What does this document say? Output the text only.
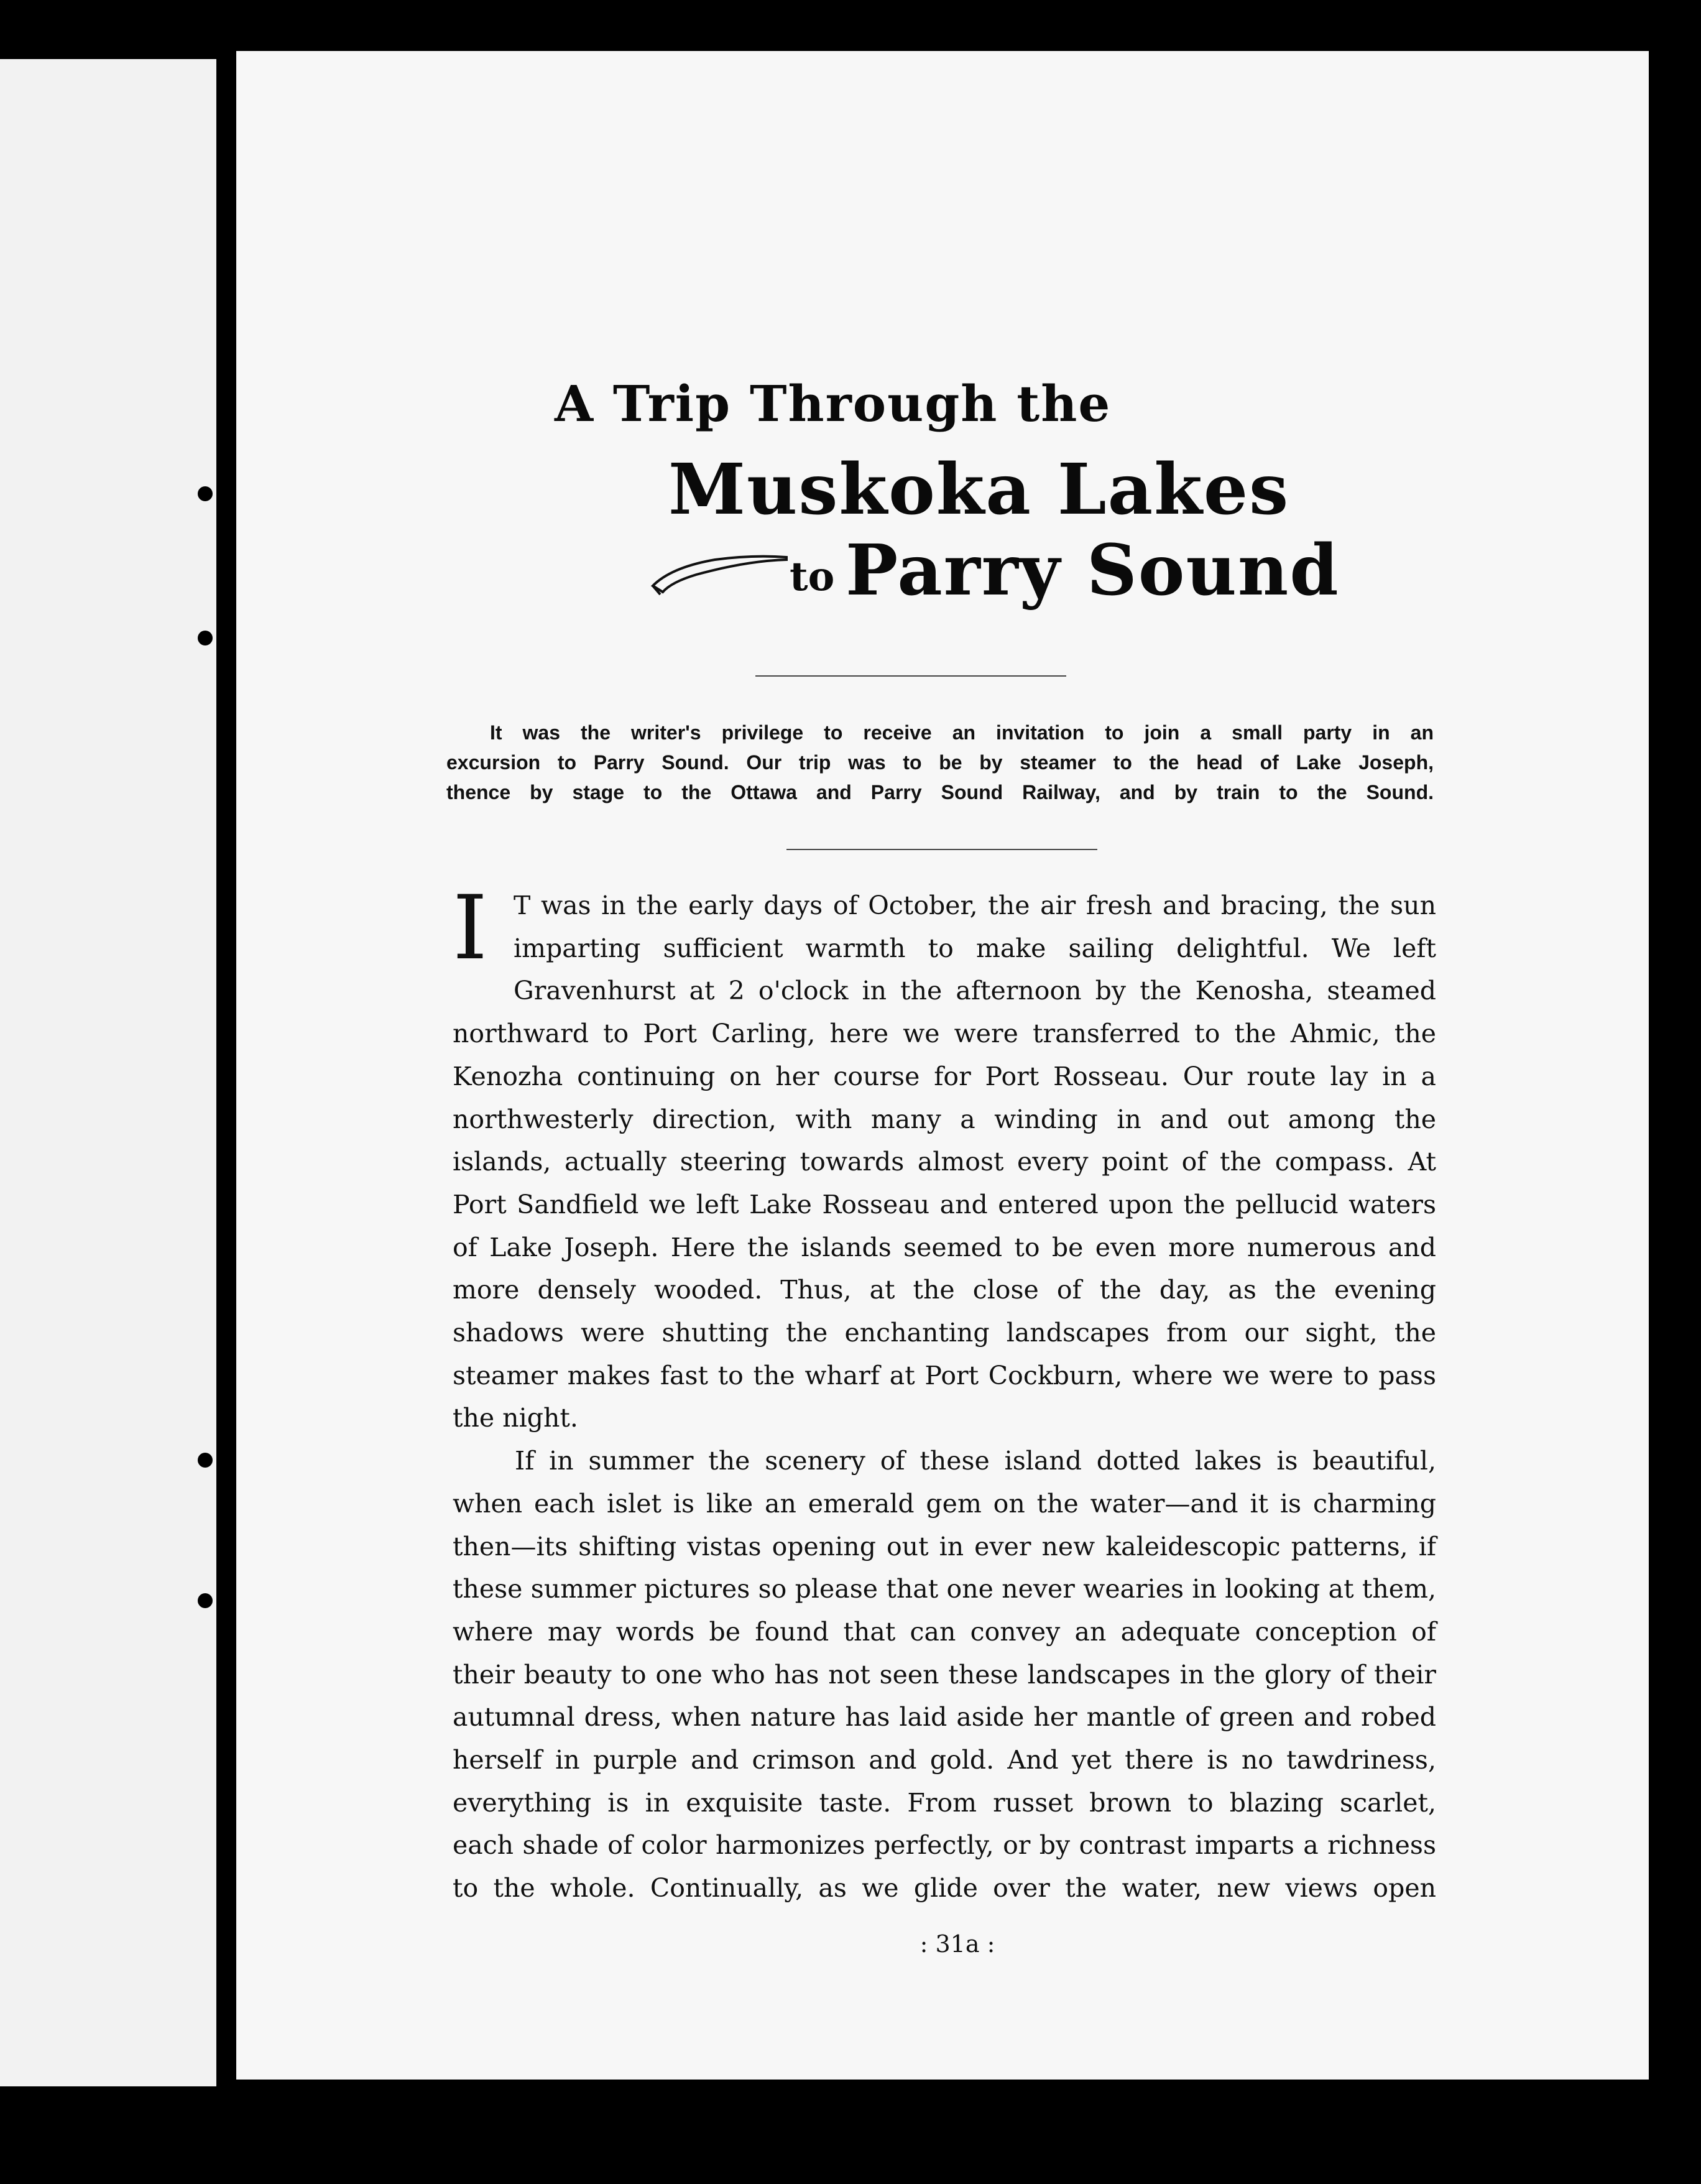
A Trip Through the
Muskoka Lakes
to Parry Sound
It was the writer's privilege to receive an invitation to join a small party in an
excursion to Parry Sound. Our trip was to be by steamer to the head of Lake Joseph,
thence by stage to the Ottawa and Parry Sound Railway, and by train to the Sound.
I	T was in the early days of October, the air fresh and bracing, the sun
imparting sufficient warmth to make sailing delightful. We left
Gravenhurst at 2 o'clock in the afternoon by the Kenosha, steamed
northward to Port Carling, here we were transferred to the Ahmic, the
Kenozha continuing on her course for Port Rosseau. Our route lay in a
northwesterly direction, with many a winding in and out among the
islands, actually steering towards almost every point of the compass. At
Port Sandfield we left Lake Rosseau and entered upon the pellucid waters
of Lake Joseph. Here the islands seemed to be even more numerous and
more densely wooded. Thus, at the close of the day, as the evening
shadows were shutting the enchanting landscapes from our sight, the
steamer makes fast to the wharf at Port Cockburn, where we were to pass
the night.
If in summer the scenery of these island dotted lakes is beautiful,
when each islet is like an emerald gem on the water—and it is charming
then—its shifting vistas opening out in ever new kaleidescopic patterns, if
these summer pictures so please that one never wearies in looking at them,
where may words be found that can convey an adequate conception of
their beauty to one who has not seen these landscapes in the glory of their
autumnal dress, when nature has laid aside her mantle of green and robed
herself in purple and crimson and gold. And yet there is no tawdriness,
everything is in exquisite taste. From russet brown to blazing scarlet,
each shade of color harmonizes perfectly, or by contrast imparts a richness
to the whole. Continually, as we glide over the water, new views open
: 31a :
